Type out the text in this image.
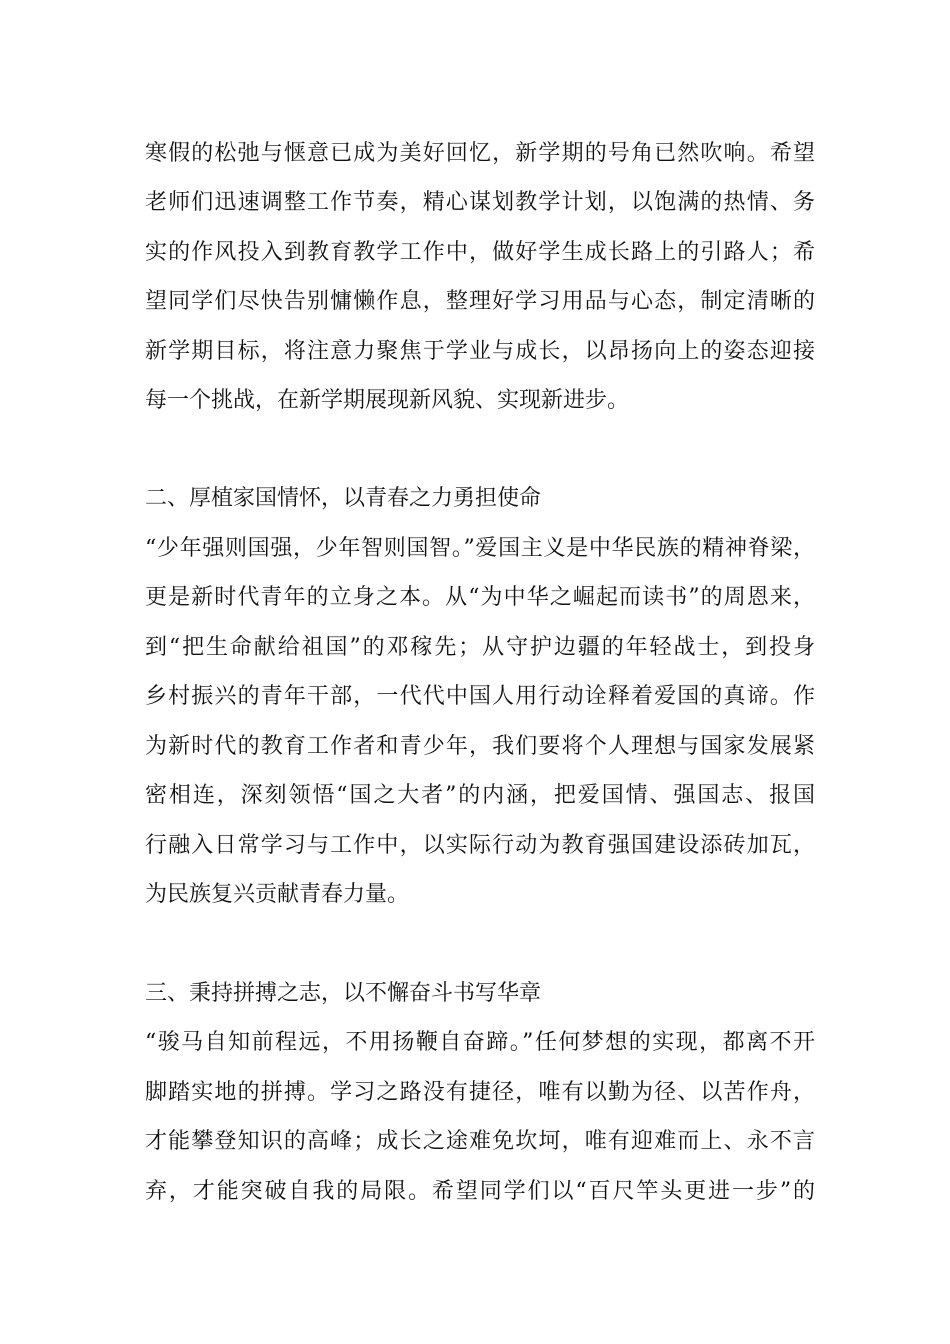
寒假的松弛与惬意已成为美好回忆，新学期的号角已然吹响。希望
老师们迅速调整工作节奏，精心谋划教学计划，以饱满的热情、务
实的作风投入到教育教学工作中，做好学生成长路上的引路人；希
望同学们尽快告别慵懒作息，整理好学习用品与心态，制定清晰的
新学期目标，将注意力聚焦于学业与成长，以昂扬向上的姿态迎接
每一个挑战，在新学期展现新风貌、实现新进步。
二、厚植家国情怀，以青春之力勇担使命
“少年强则国强，少年智则国智。”爱国主义是中华民族的精神脊梁，
更是新时代青年的立身之本。从“为中华之崛起而读书”的周恩来，
到“把生命献给祖国”的邓稼先；从守护边疆的年轻战士，到投身
乡村振兴的青年干部，一代代中国人用行动诠释着爱国的真谛。作
为新时代的教育工作者和青少年，我们要将个人理想与国家发展紧
密相连，深刻领悟“国之大者”的内涵，把爱国情、强国志、报国
行融入日常学习与工作中，以实际行动为教育强国建设添砖加瓦，
为民族复兴贡献青春力量。
三、秉持拼搏之志，以不懈奋斗书写华章
“骏马自知前程远，不用扬鞭自奋蹄。”任何梦想的实现，都离不开
脚踏实地的拼搏。学习之路没有捷径，唯有以勤为径、以苦作舟，
才能攀登知识的高峰；成长之途难免坎坷，唯有迎难而上、永不言
弃，才能突破自我的局限。希望同学们以“百尺竿头更进一步”的
